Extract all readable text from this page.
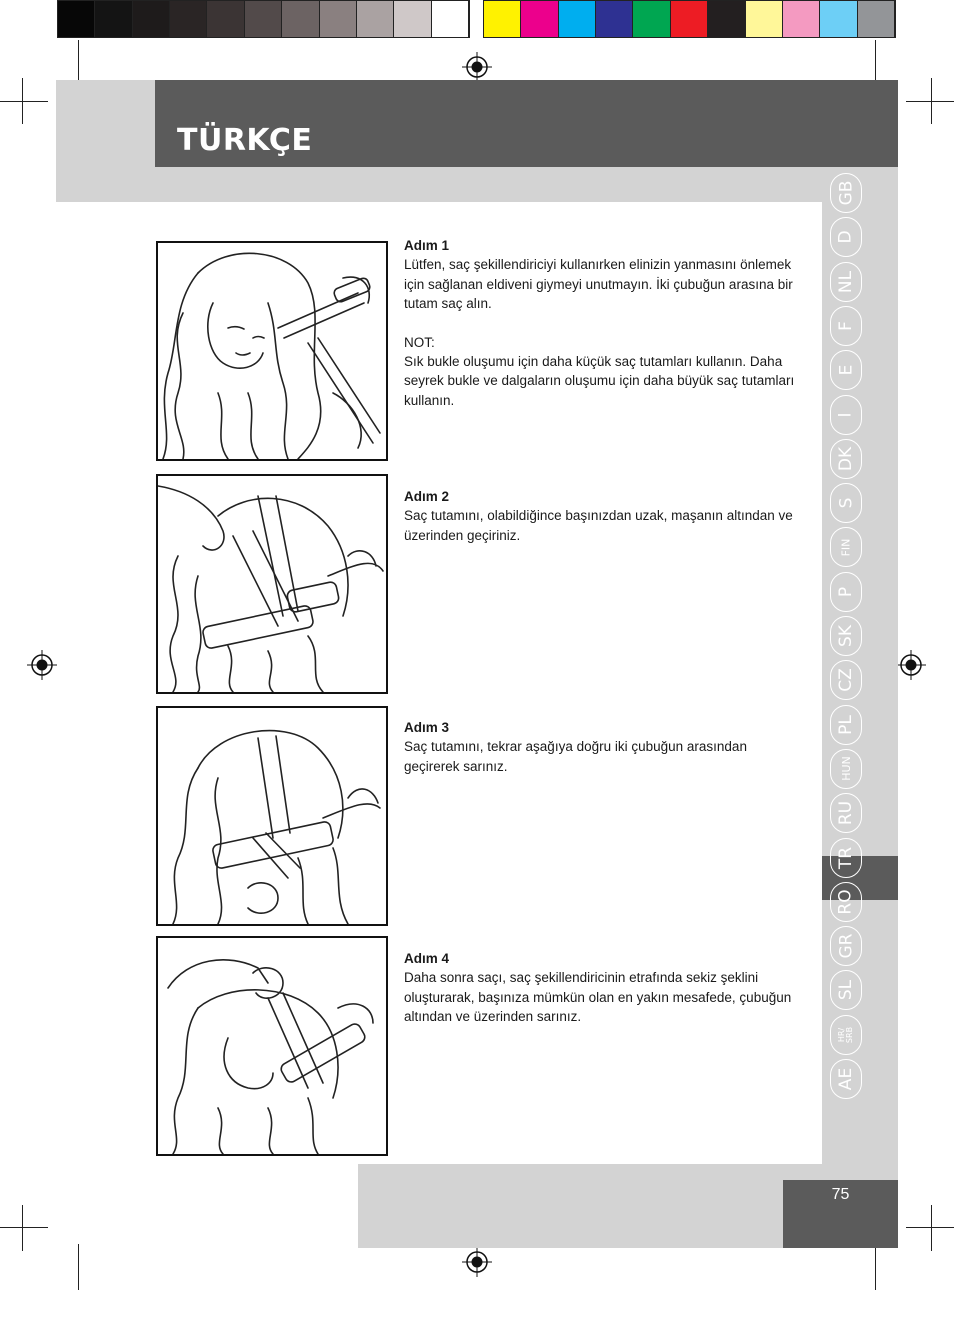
TÜRKÇE
GB
D
NL
F
E
I
DK
S
FIN
P
SK
CZ
PL
HUN
RU
TR
RO
GR
SL
HR/ SRB
AE
75
Adım 1

Lütfen, saç şekillendiriciyi kullanırken elinizin yanmasını önlemek için sağlanan eldiveni giymeyi unutmayın. İki çubuğun arasına bir tutam saç alın.

NOT:

Sık bukle oluşumu için daha küçük saç tutamları kullanın. Daha seyrek bukle ve dalgaların oluşumu için daha büyük saç tutamları kullanın.

Adım 2

Saç tutamını, olabildiğince başınızdan uzak, maşanın altından ve üzerinden geçiriniz.

Adım 3

Saç tutamını, tekrar aşağıya doğru iki çubuğun arasından geçirerek sarınız.

Adım 4

Daha sonra saçı, saç şekillendiricinin etrafında sekiz şeklini oluşturarak, başınıza mümkün olan en yakın mesafede, çubuğun altından ve üzerinden sarınız.
